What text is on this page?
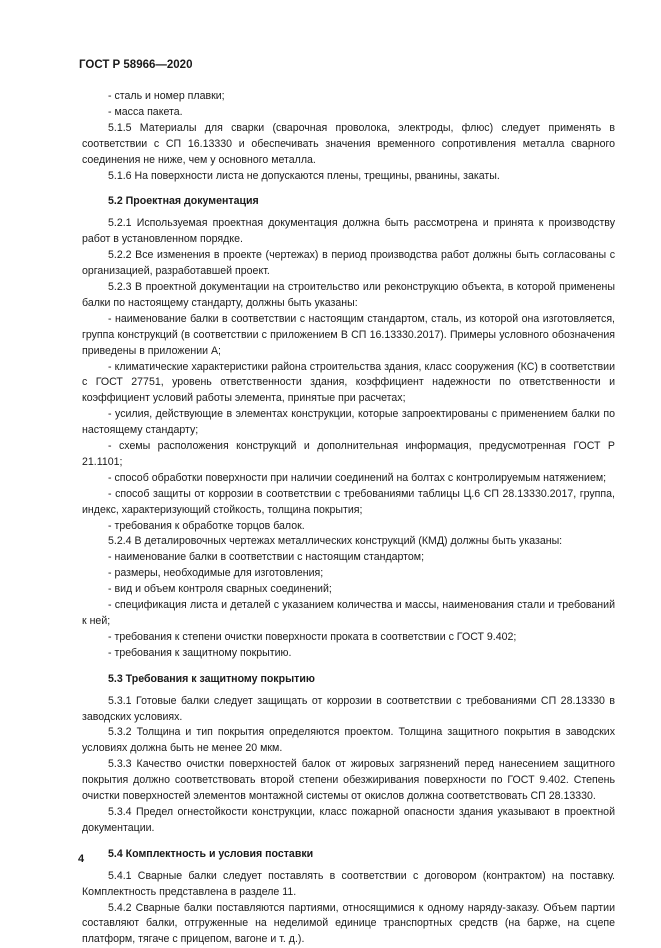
ГОСТ Р 58966—2020

- сталь и номер плавки;

- масса пакета.

5.1.5 Материалы для сварки (сварочная проволока, электроды, флюс) следует применять в соответствии с СП 16.13330 и обеспечивать значения временного сопротивления металла сварного соединения не ниже, чем у основного металла.

5.1.6 На поверхности листа не допускаются плены, трещины, рванины, закаты.

5.2 Проектная документация

5.2.1 Используемая проектная документация должна быть рассмотрена и принята к производству работ в установленном порядке.

5.2.2 Все изменения в проекте (чертежах) в период производства работ должны быть согласованы с организацией, разработавшей проект.

5.2.3 В проектной документации на строительство или реконструкцию объекта, в которой применены балки по настоящему стандарту, должны быть указаны:

- наименование балки в соответствии с настоящим стандартом, сталь, из которой она изготовляется, группа конструкций (в соответствии с приложением В СП 16.13330.2017). Примеры условного обозначения приведены в приложении А;

- климатические характеристики района строительства здания, класс сооружения (КС) в соответствии с ГОСТ 27751, уровень ответственности здания, коэффициент надежности по ответственности и коэффициент условий работы элемента, принятые при расчетах;

- усилия, действующие в элементах конструкции, которые запроектированы с применением балки по настоящему стандарту;

- схемы расположения конструкций и дополнительная информация, предусмотренная ГОСТ Р 21.1101;

- способ обработки поверхности при наличии соединений на болтах с контролируемым натяжением;

- способ защиты от коррозии в соответствии с требованиями таблицы Ц.6 СП 28.13330.2017, группа, индекс, характеризующий стойкость, толщина покрытия;

- требования к обработке торцов балок.

5.2.4 В деталировочных чертежах металлических конструкций (КМД) должны быть указаны:

- наименование балки в соответствии с настоящим стандартом;

- размеры, необходимые для изготовления;

- вид и объем контроля сварных соединений;

- спецификация листа и деталей с указанием количества и массы, наименования стали и требований к ней;

- требования к степени очистки поверхности проката в соответствии с ГОСТ 9.402;

- требования к защитному покрытию.

5.3 Требования к защитному покрытию

5.3.1 Готовые балки следует защищать от коррозии в соответствии с требованиями СП 28.13330 в заводских условиях.

5.3.2 Толщина и тип покрытия определяются проектом. Толщина защитного покрытия в заводских условиях должна быть не менее 20 мкм.

5.3.3 Качество очистки поверхностей балок от жировых загрязнений перед нанесением защитного покрытия должно соответствовать второй степени обезжиривания поверхности по ГОСТ 9.402. Степень очистки поверхностей элементов монтажной системы от окислов должна соответствовать СП 28.13330.

5.3.4 Предел огнестойкости конструкции, класс пожарной опасности здания указывают в проектной документации.

5.4 Комплектность и условия поставки

5.4.1 Сварные балки следует поставлять в соответствии с договором (контрактом) на поставку. Комплектность представлена в разделе 11.

5.4.2 Сварные балки поставляются партиями, относящимися к одному наряду-заказу. Объем партии составляют балки, отгруженные на неделимой единице транспортных средств (на барже, на сцепе платформ, тягаче с прицепом, вагоне и т. д.).

4
